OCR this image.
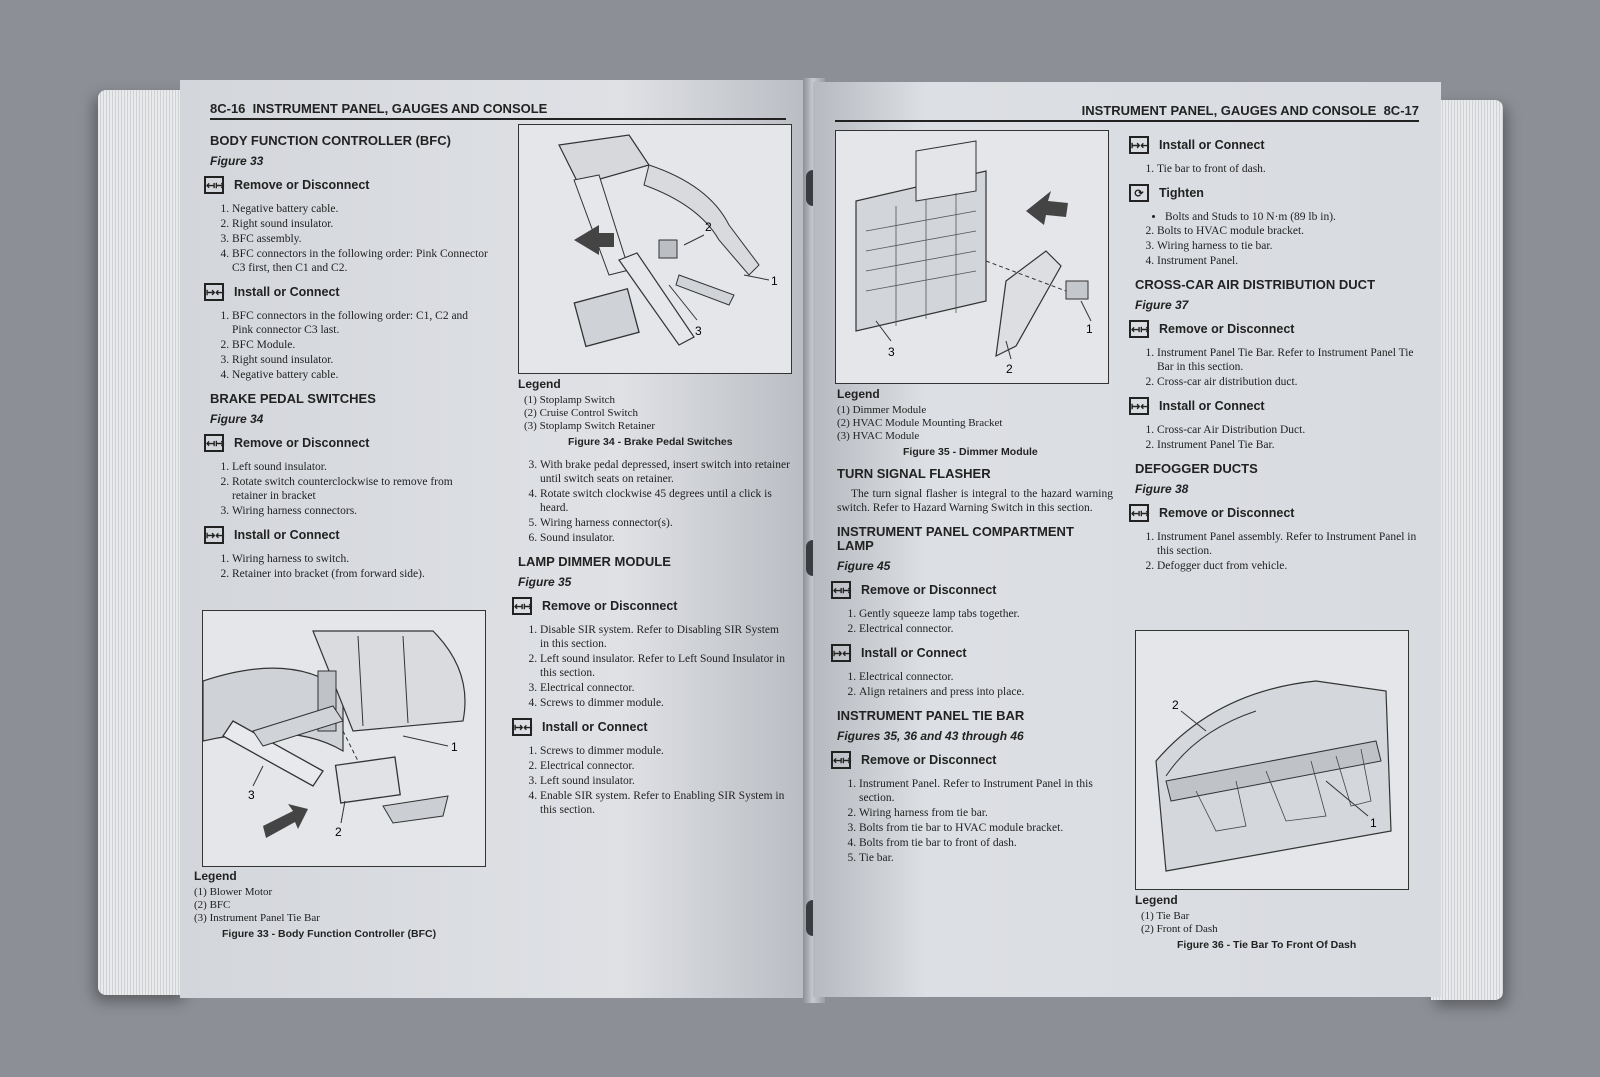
8C-16 INSTRUMENT PANEL, GAUGES AND CONSOLE
BODY FUNCTION CONTROLLER (BFC)
Figure 33
↤↦ Remove or Disconnect
1. Negative battery cable.
2. Right sound insulator.
3. BFC assembly.
4. BFC connectors in the following order: Pink Connector C3 first, then C1 and C2.
↦↤ Install or Connect
1. BFC connectors in the following order: C1, C2 and Pink connector C3 last.
2. BFC Module.
3. Right sound insulator.
4. Negative battery cable.
BRAKE PEDAL SWITCHES
Figure 34
↤↦ Remove or Disconnect
1. Left sound insulator.
2. Rotate switch counterclockwise to remove from retainer in bracket
3. Wiring harness connectors.
↦↤ Install or Connect
1. Wiring harness to switch.
2. Retainer into bracket (from forward side).
1
2
3
Legend
(1) Blower Motor
(2) BFC
(3) Instrument Panel Tie Bar
Figure 33 - Body Function Controller (BFC)
1
2
3
Legend
(1) Stoplamp Switch
(2) Cruise Control Switch
(3) Stoplamp Switch Retainer
Figure 34 - Brake Pedal Switches
3. With brake pedal depressed, insert switch into retainer until switch seats on retainer.
4. Rotate switch clockwise 45 degrees until a click is heard.
5. Wiring harness connector(s).
6. Sound insulator.
LAMP DIMMER MODULE
Figure 35
↤↦ Remove or Disconnect
1. Disable SIR system. Refer to Disabling SIR System in this section.
2. Left sound insulator. Refer to Left Sound Insulator in this section.
3. Electrical connector.
4. Screws to dimmer module.
↦↤ Install or Connect
1. Screws to dimmer module.
2. Electrical connector.
3. Left sound insulator.
4. Enable SIR system. Refer to Enabling SIR System in this section.
INSTRUMENT PANEL, GAUGES AND CONSOLE 8C-17
1
2
3
Legend
(1) Dimmer Module
(2) HVAC Module Mounting Bracket
(3) HVAC Module
Figure 35 - Dimmer Module
TURN SIGNAL FLASHER

The turn signal flasher is integral to the hazard warning switch. Refer to Hazard Warning Switch in this section.

INSTRUMENT PANEL COMPARTMENT LAMP
Figure 45
↤↦ Remove or Disconnect
1. Gently squeeze lamp tabs together.
2. Electrical connector.
↦↤ Install or Connect
1. Electrical connector.
2. Align retainers and press into place.
INSTRUMENT PANEL TIE BAR
Figures 35, 36 and 43 through 46
↤↦ Remove or Disconnect
1. Instrument Panel. Refer to Instrument Panel in this section.
2. Wiring harness from tie bar.
3. Bolts from tie bar to HVAC module bracket.
4. Bolts from tie bar to front of dash.
5. Tie bar.
↦↤ Install or Connect
1. Tie bar to front of dash.
⟳	Tighten
• Bolts and Studs to 10 N·m (89 lb in).
2. Bolts to HVAC module bracket.
3. Wiring harness to tie bar.
4. Instrument Panel.
CROSS-CAR AIR DISTRIBUTION DUCT
Figure 37
↤↦ Remove or Disconnect
1. Instrument Panel Tie Bar. Refer to Instrument Panel Tie Bar in this section.
2. Cross-car air distribution duct.
↦↤ Install or Connect
1. Cross-car Air Distribution Duct.
2. Instrument Panel Tie Bar.
DEFOGGER DUCTS
Figure 38
↤↦ Remove or Disconnect
1. Instrument Panel assembly. Refer to Instrument Panel in this section.
2. Defogger duct from vehicle.
2
1
Legend
(1) Tie Bar
(2) Front of Dash
Figure 36 - Tie Bar To Front Of Dash
